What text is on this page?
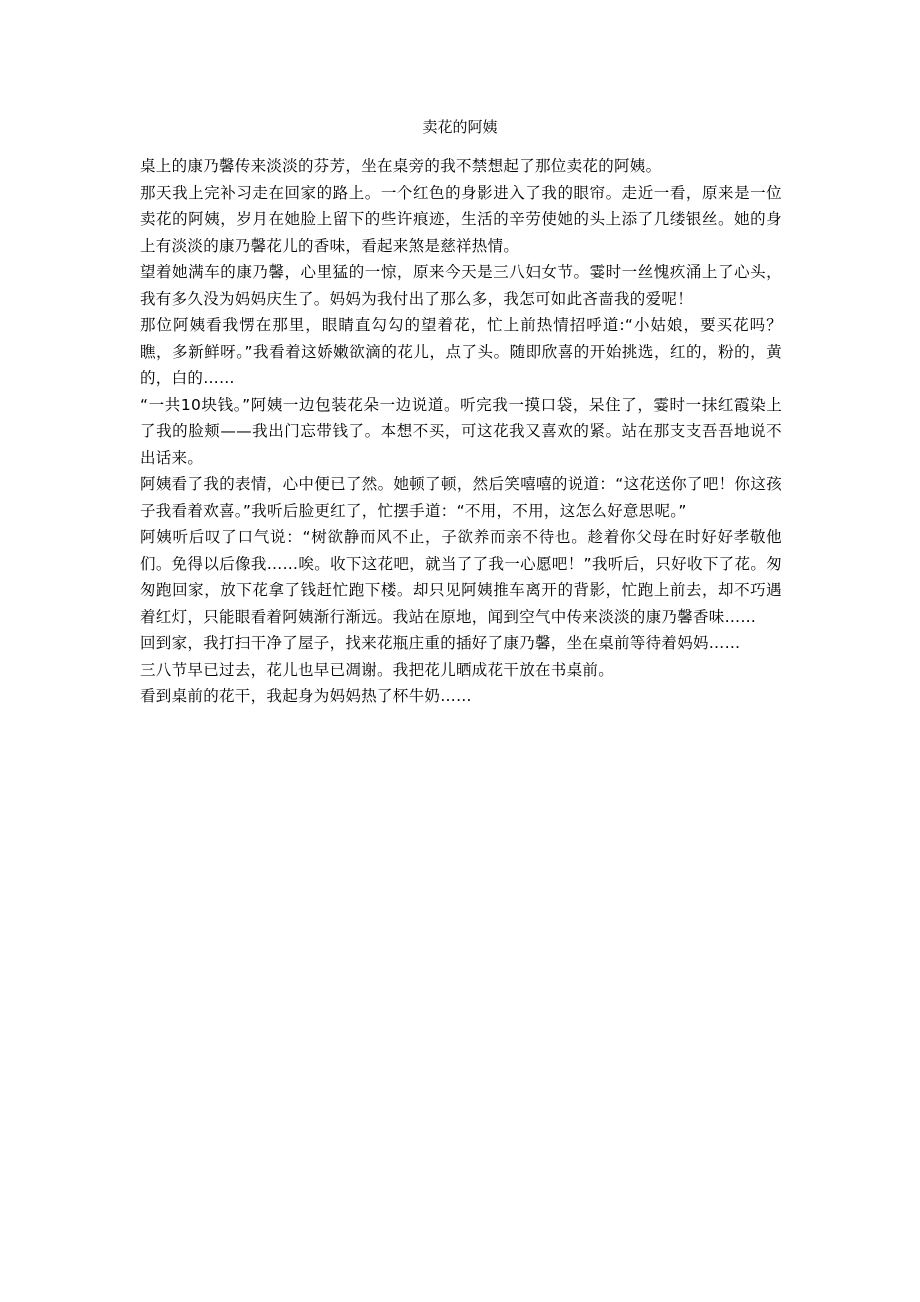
卖花的阿姨

桌上的康乃馨传来淡淡的芬芳，坐在桌旁的我不禁想起了那位卖花的阿姨。

那天我上完补习走在回家的路上。一个红色的身影进入了我的眼帘。走近一看，原来是一位卖花的阿姨，岁月在她脸上留下的些许痕迹，生活的辛劳使她的头上添了几缕银丝。她的身上有淡淡的康乃馨花儿的香味，看起来煞是慈祥热情。

望着她满车的康乃馨，心里猛的一惊，原来今天是三八妇女节。霎时一丝愧疚涌上了心头，我有多久没为妈妈庆生了。妈妈为我付出了那么多，我怎可如此吝啬我的爱呢！

那位阿姨看我愣在那里，眼睛直勾勾的望着花，忙上前热情招呼道:“小姑娘，要买花吗？瞧，多新鲜呀。”我看着这娇嫩欲滴的花儿，点了头。随即欣喜的开始挑选，红的，粉的，黄的，白的……

“一共10块钱。”阿姨一边包装花朵一边说道。听完我一摸口袋，呆住了，霎时一抹红霞染上了我的脸颊——我出门忘带钱了。本想不买，可这花我又喜欢的紧。站在那支支吾吾地说不出话来。

阿姨看了我的表情，心中便已了然。她顿了顿，然后笑嘻嘻的说道：“这花送你了吧！你这孩子我看着欢喜。”我听后脸更红了，忙摆手道：“不用，不用，这怎么好意思呢。”

阿姨听后叹了口气说：“树欲静而风不止，子欲养而亲不待也。趁着你父母在时好好孝敬他们。免得以后像我……唉。收下这花吧，就当了了我一心愿吧！”我听后，只好收下了花。匆匆跑回家，放下花拿了钱赶忙跑下楼。却只见阿姨推车离开的背影，忙跑上前去，却不巧遇着红灯，只能眼看着阿姨渐行渐远。我站在原地，闻到空气中传来淡淡的康乃馨香味……

回到家，我打扫干净了屋子，找来花瓶庄重的插好了康乃馨，坐在桌前等待着妈妈……

三八节早已过去，花儿也早已凋谢。我把花儿晒成花干放在书桌前。

看到桌前的花干，我起身为妈妈热了杯牛奶……
